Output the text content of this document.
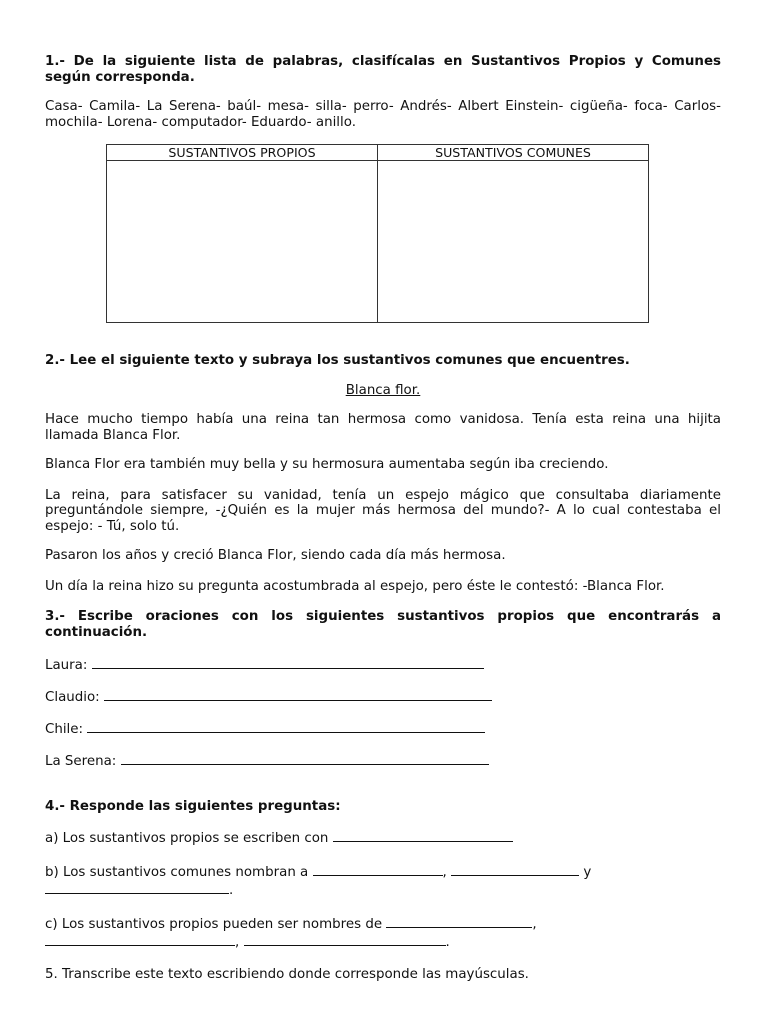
1.- De la siguiente lista de palabras, clasifícalas en Sustantivos Propios y Comunes según corresponda.

Casa- Camila- La Serena- baúl- mesa- silla- perro- Andrés- Albert Einstein- cigüeña- foca- Carlos- mochila- Lorena- computador- Eduardo- anillo.

SUSTANTIVOS PROPIOS	SUSTANTIVOS COMUNES

2.- Lee el siguiente texto y subraya los sustantivos comunes que encuentres.

Blanca flor.

Hace mucho tiempo había una reina tan hermosa como vanidosa. Tenía esta reina una hijita llamada Blanca Flor.

Blanca Flor era también muy bella y su hermosura aumentaba según iba creciendo.

La reina, para satisfacer su vanidad, tenía un espejo mágico que consultaba diariamente preguntándole siempre, -¿Quién es la mujer más hermosa del mundo?- A lo cual contestaba el espejo: - Tú, solo tú.

Pasaron los años y creció Blanca Flor, siendo cada día más hermosa.

Un día la reina hizo su pregunta acostumbrada al espejo, pero éste le contestó: -Blanca Flor.

3.- Escribe oraciones con los siguientes sustantivos propios que encontrarás a continuación.

Laura:

Claudio:

Chile:

La Serena:

4.- Responde las siguientes preguntas:

a) Los sustantivos propios se escriben con

b) Los sustantivos comunes nombran a	,	y

.

c) Los sustantivos propios pueden ser nombres de	,

,	.

5. Transcribe este texto escribiendo donde corresponde las mayúsculas.
